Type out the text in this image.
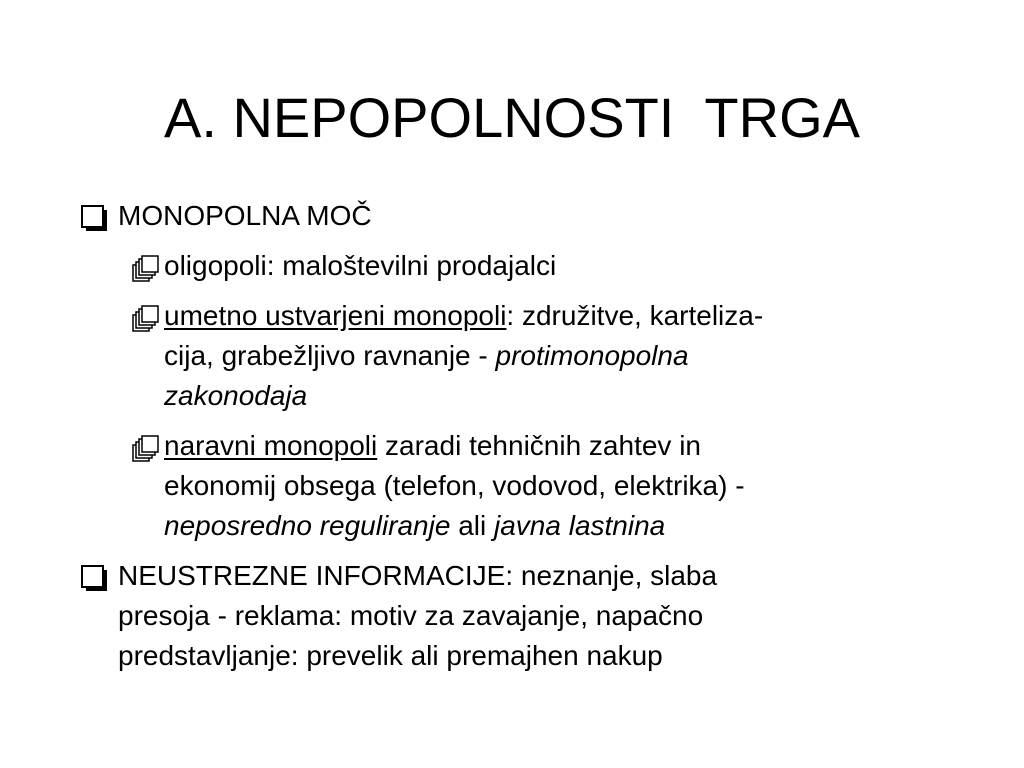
A. NEPOPOLNOSTI  TRGA
MONOPOLNA MOČ
oligopoli: maloštevilni prodajalci
umetno ustvarjeni monopoli: združitve, karteliza-
cija, grabežljivo ravnanje - protimonopolna
zakonodaja
naravni monopoli zaradi tehničnih zahtev in
ekonomij obsega (telefon, vodovod, elektrika) -
neposredno reguliranje ali javna lastnina
NEUSTREZNE INFORMACIJE: neznanje, slaba
presoja - reklama: motiv za zavajanje, napačno
predstavljanje: prevelik ali premajhen nakup
